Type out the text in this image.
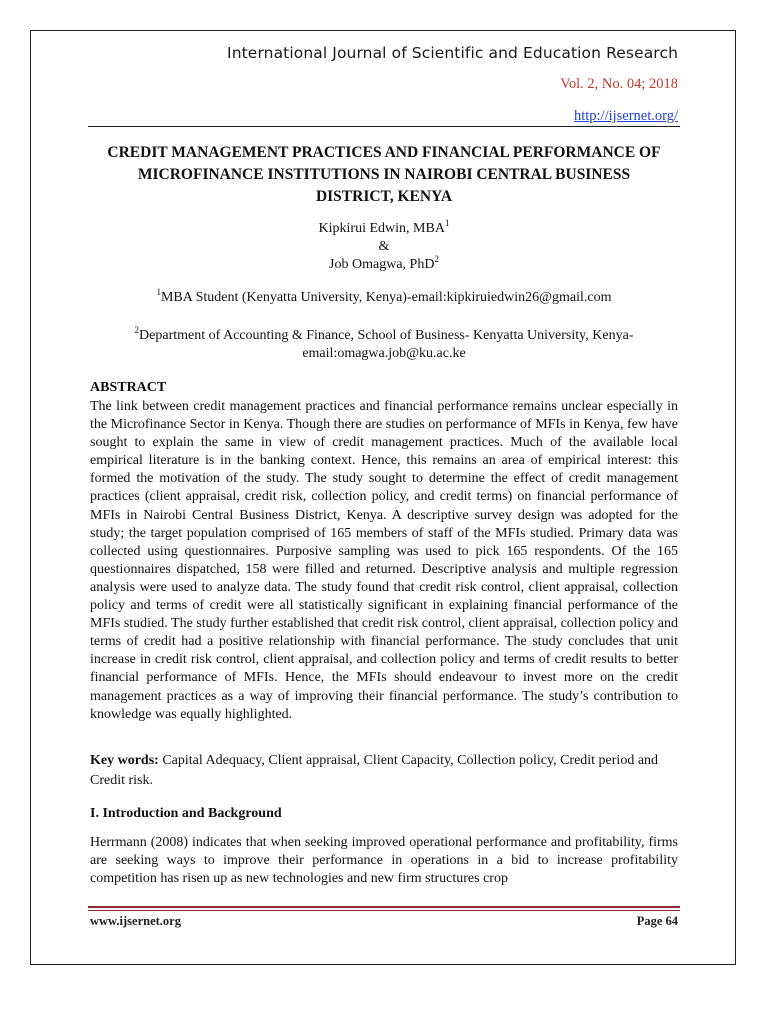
International Journal of Scientific and Education Research
Vol. 2, No. 04; 2018
http://ijsernet.org/
CREDIT MANAGEMENT PRACTICES AND FINANCIAL PERFORMANCE OF MICROFINANCE INSTITUTIONS IN NAIROBI CENTRAL BUSINESS DISTRICT, KENYA
Kipkirui Edwin, MBA$^1$
&
Job Omagwa, PhD$^2$
$^1$MBA Student (Kenyatta University, Kenya)-email:kipkiruiedwin26@gmail.com
$^2$Department of Accounting & Finance, School of Business- Kenyatta University, Kenya-email:omagwa.job@ku.ac.ke
ABSTRACT
The link between credit management practices and financial performance remains unclear especially in the Microfinance Sector in Kenya. Though there are studies on performance of MFIs in Kenya, few have sought to explain the same in view of credit management practices. Much of the available local empirical literature is in the banking context. Hence, this remains an area of empirical interest: this formed the motivation of the study. The study sought to determine the effect of credit management practices (client appraisal, credit risk, collection policy, and credit terms) on financial performance of MFIs in Nairobi Central Business District, Kenya. A descriptive survey design was adopted for the study; the target population comprised of 165 members of staff of the MFIs studied. Primary data was collected using questionnaires. Purposive sampling was used to pick 165 respondents. Of the 165 questionnaires dispatched, 158 were filled and returned. Descriptive analysis and multiple regression analysis were used to analyze data. The study found that credit risk control, client appraisal, collection policy and terms of credit were all statistically significant in explaining financial performance of the MFIs studied. The study further established that credit risk control, client appraisal, collection policy and terms of credit had a positive relationship with financial performance. The study concludes that unit increase in credit risk control, client appraisal, and collection policy and terms of credit results to better financial performance of MFIs. Hence, the MFIs should endeavour to invest more on the credit management practices as a way of improving their financial performance. The study’s contribution to knowledge was equally highlighted.
Key words: Capital Adequacy, Client appraisal, Client Capacity, Collection policy, Credit period and Credit risk.
I. Introduction and Background
Herrmann (2008) indicates that when seeking improved operational performance and profitability, firms are seeking ways to improve their performance in operations in a bid to increase profitability competition has risen up as new technologies and new firm structures crop
www.ijsernet.org	Page 64
